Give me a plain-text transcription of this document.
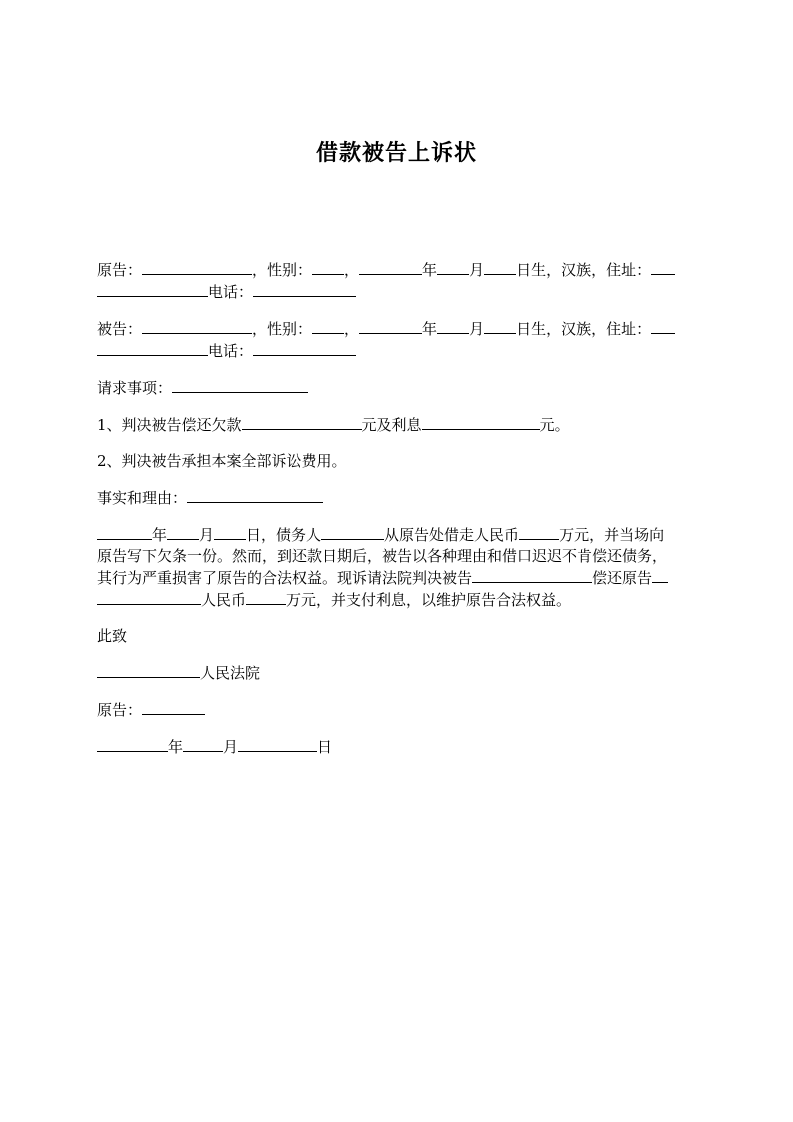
借款被告上诉状
原告：	，性别： ，	年 月 日生，汉族，住址：
电话：
被告：	，性别： ，	年 月 日生，汉族，住址：
电话：
请求事项：
1、判决被告偿还欠款	元及利息	元。
2、判决被告承担本案全部诉讼费用。
事实和理由：
年 月 日，债务人	从原告处借走人民币	万元，并当场向
原告写下欠条一份。然而，到还款日期后，被告以各种理由和借口迟迟不肯偿还债务，
其行为严重损害了原告的合法权益。现诉请法院判决被告	偿还原告
人民币	万元，并支付利息，以维护原告合法权益。
此致
人民法院
原告：
年	月	日
